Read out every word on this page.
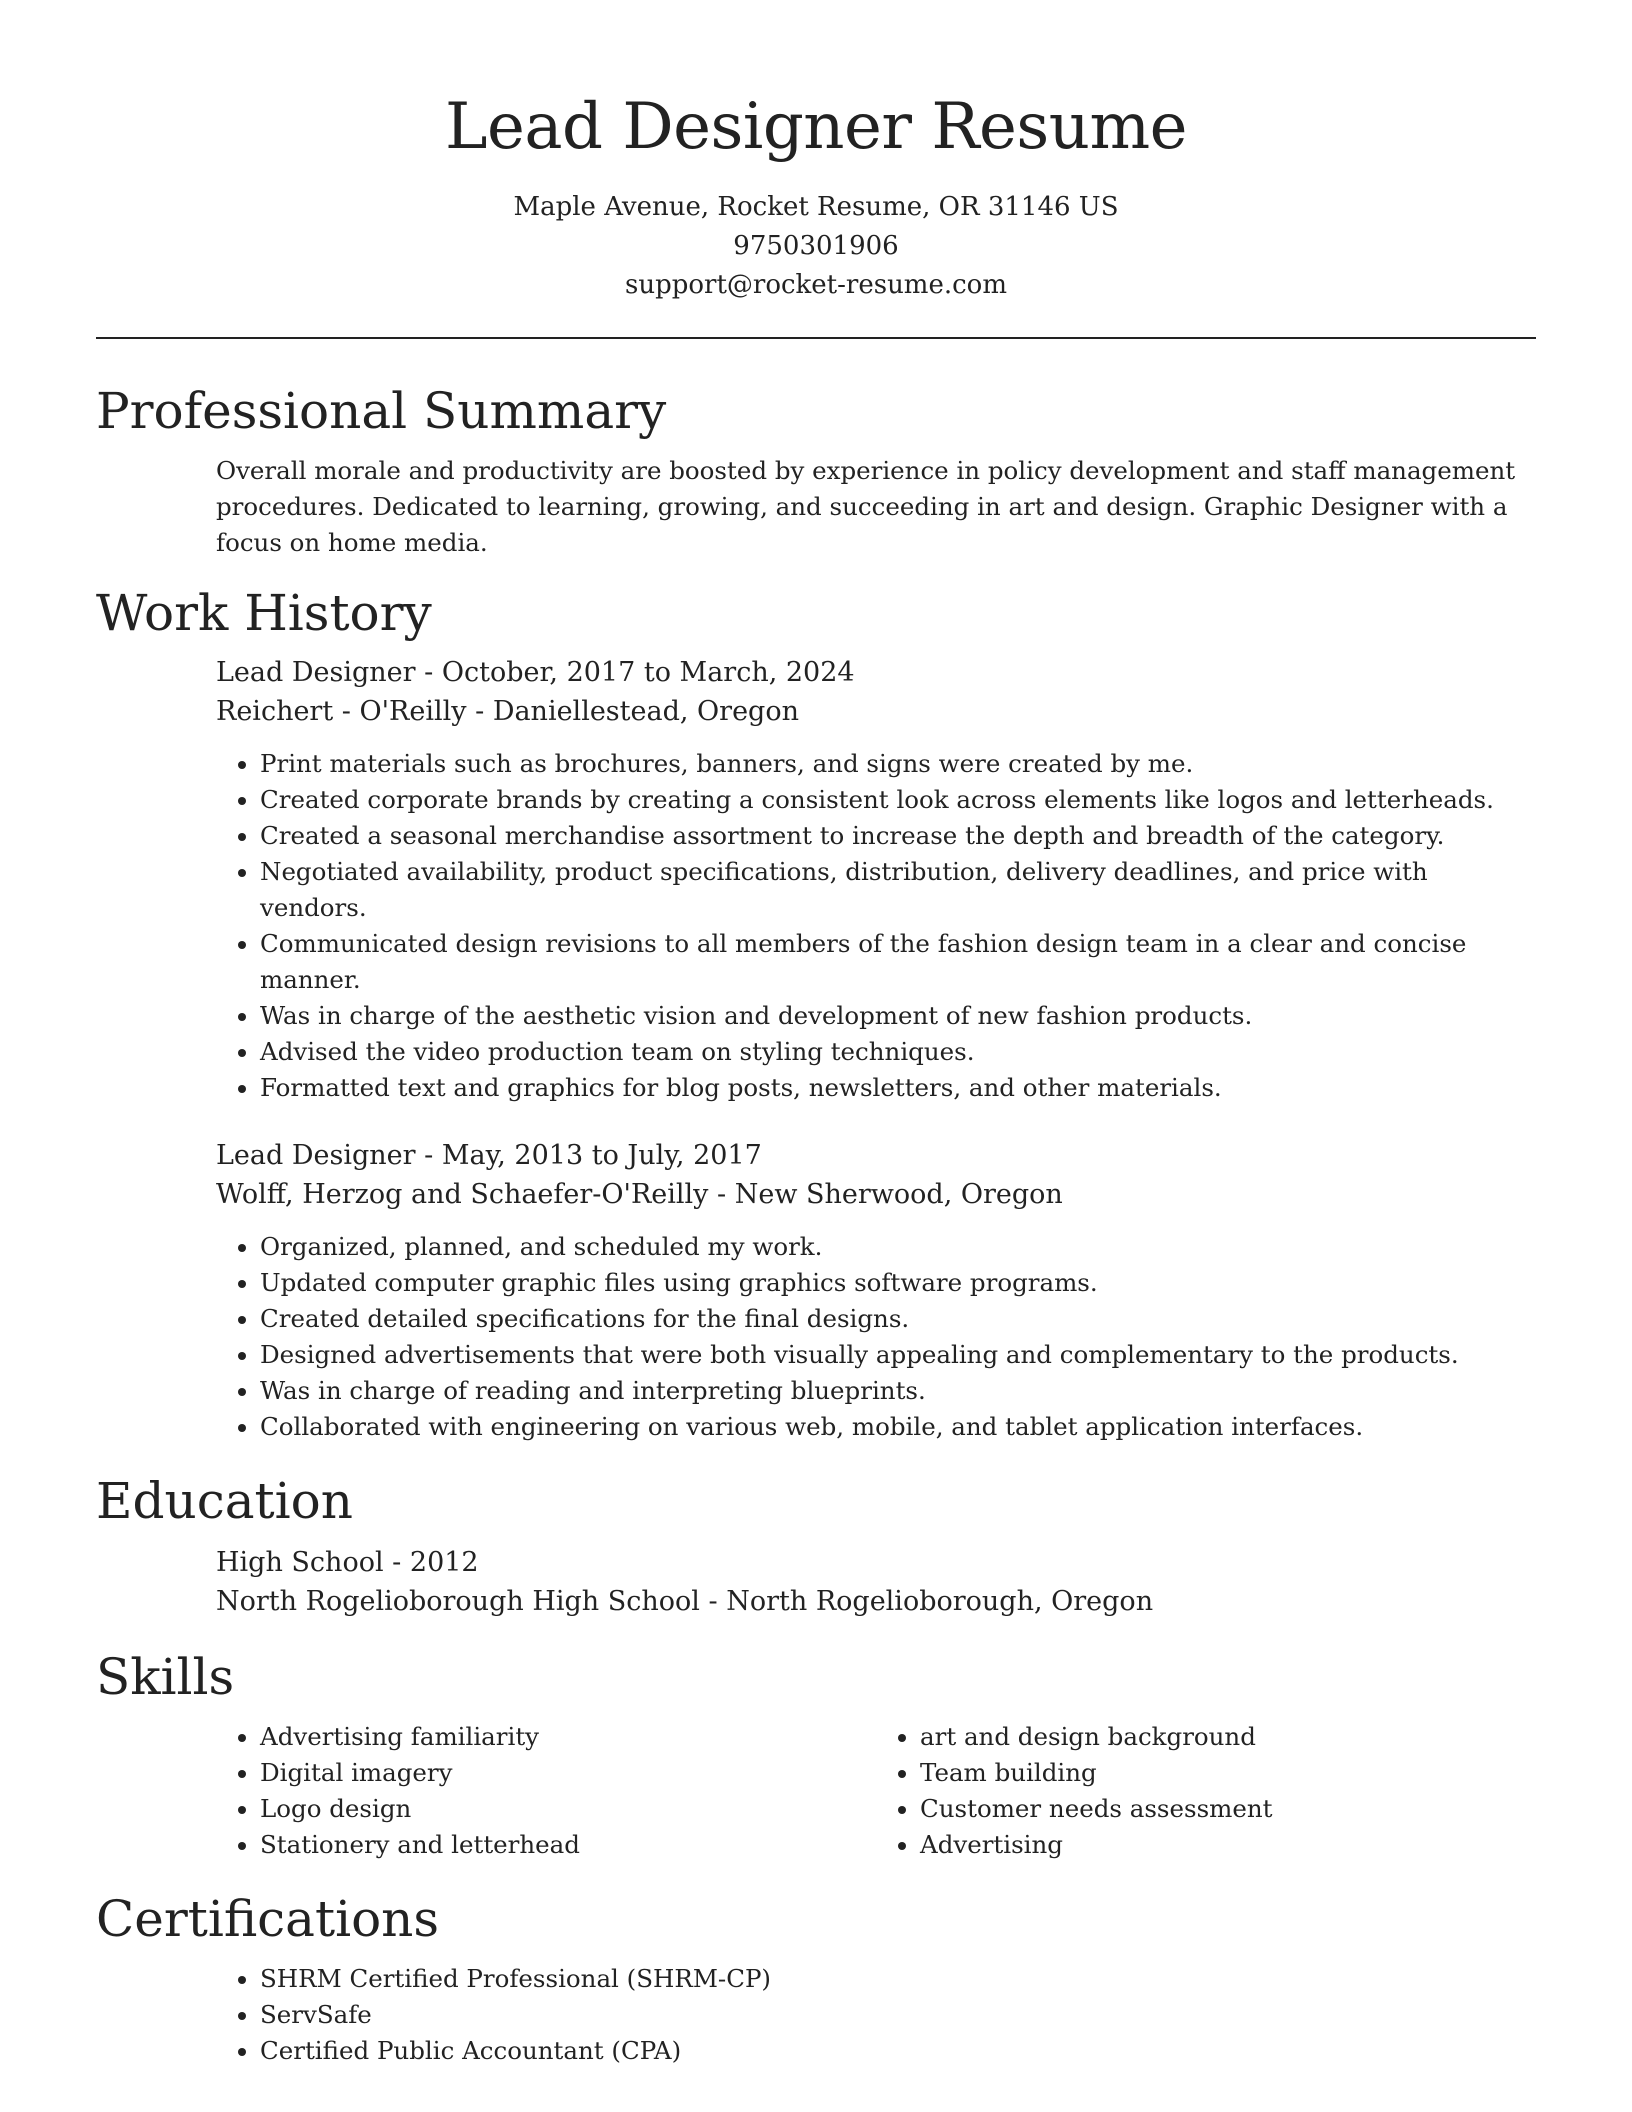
Lead Designer Resume
Maple Avenue, Rocket Resume, OR 31146 US
9750301906
support@rocket-resume.com
Professional Summary

Overall morale and productivity are boosted by experience in policy development and staff management procedures. Dedicated to learning, growing, and succeeding in art and design. Graphic Designer with a focus on home media.

Work History
Lead Designer - October, 2017 to March, 2024
Reichert - O'Reilly - Daniellestead, Oregon
• Print materials such as brochures, banners, and signs were created by me.
• Created corporate brands by creating a consistent look across elements like logos and letterheads.
• Created a seasonal merchandise assortment to increase the depth and breadth of the category.
• Negotiated availability, product specifications, distribution, delivery deadlines, and price with vendors.
• Communicated design revisions to all members of the fashion design team in a clear and concise manner.
• Was in charge of the aesthetic vision and development of new fashion products.
• Advised the video production team on styling techniques.
• Formatted text and graphics for blog posts, newsletters, and other materials.
Lead Designer - May, 2013 to July, 2017
Wolff, Herzog and Schaefer-O'Reilly - New Sherwood, Oregon
• Organized, planned, and scheduled my work.
• Updated computer graphic files using graphics software programs.
• Created detailed specifications for the final designs.
• Designed advertisements that were both visually appealing and complementary to the products.
• Was in charge of reading and interpreting blueprints.
• Collaborated with engineering on various web, mobile, and tablet application interfaces.
Education
High School - 2012
North Rogelioborough High School - North Rogelioborough, Oregon
Skills
• Advertising familiarity
• Digital imagery
• Logo design
• Stationery and letterhead
• art and design background
• Team building
• Customer needs assessment
• Advertising
Certifications
• SHRM Certified Professional (SHRM-CP)
• ServSafe
• Certified Public Accountant (CPA)
